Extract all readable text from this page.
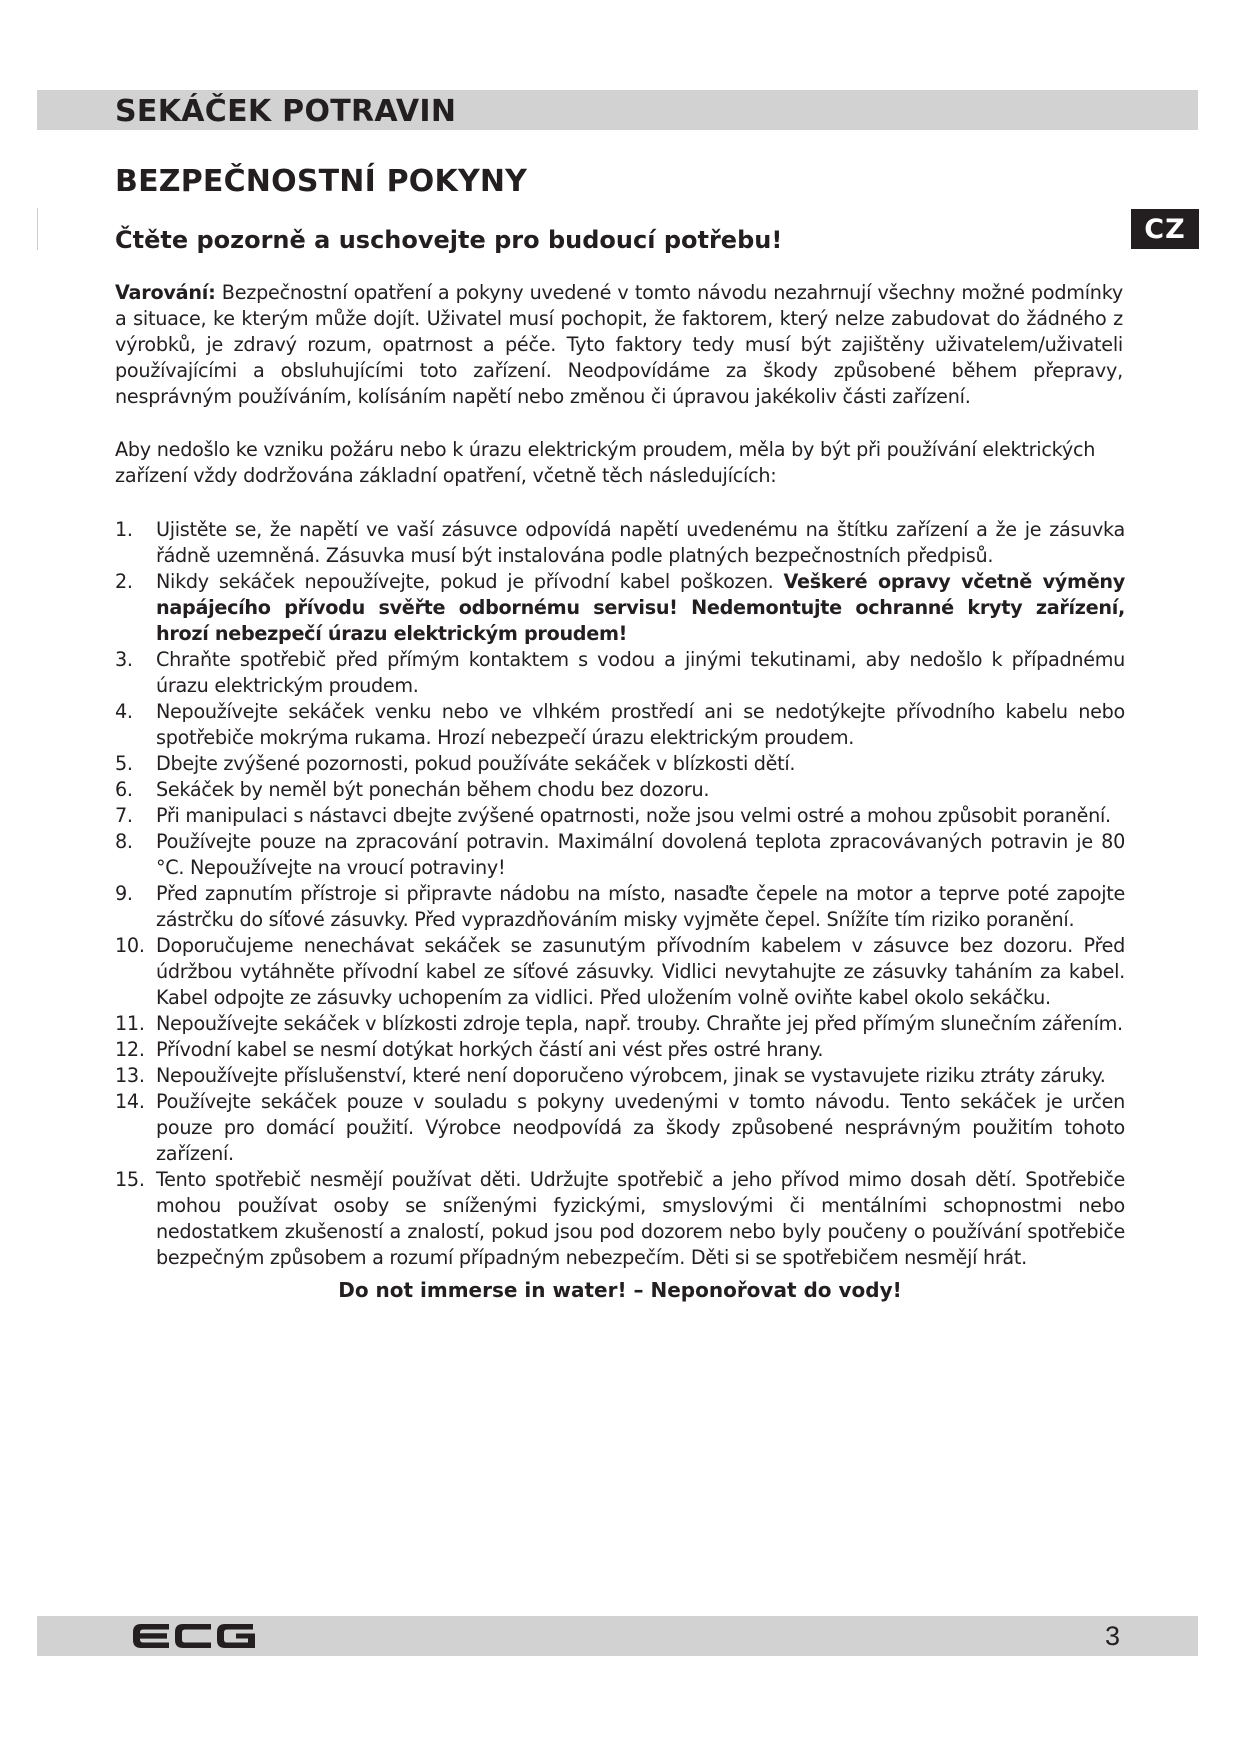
SEKÁČEK POTRAVIN
BEZPEČNOSTNÍ POKYNY
CZ
Čtěte pozorně a uschovejte pro budoucí potřebu!

Varování: Bezpečnostní opatření a pokyny uvedené v tomto návodu nezahrnují všechny možné podmínky a situace, ke kterým může dojít. Uživatel musí pochopit, že faktorem, který nelze zabudovat do žádného z výrobků, je zdravý rozum, opatrnost a péče. Tyto faktory tedy musí být zajištěny uživatelem/uživateli používajícími a obsluhujícími toto zařízení. Neodpovídáme za škody způsobené během přepravy, nesprávným používáním, kolísáním napětí nebo změnou či úpravou jakékoliv části zařízení.

Aby nedošlo ke vzniku požáru nebo k úrazu elektrickým proudem, měla by být při používání elektrických zařízení vždy dodržována základní opatření, včetně těch následujících:

1. Ujistěte se, že napětí ve vaší zásuvce odpovídá napětí uvedenému na štítku zařízení a že je zásuvka řádně uzemněná. Zásuvka musí být instalována podle platných bezpečnostních předpisů.
2. Nikdy sekáček nepoužívejte, pokud je přívodní kabel poškozen. Veškeré opravy včetně výměny napájecího přívodu svěřte odbornému servisu! Nedemontujte ochranné kryty zařízení, hrozí nebezpečí úrazu elektrickým proudem!
3. Chraňte spotřebič před přímým kontaktem s vodou a jinými tekutinami, aby nedošlo k případnému úrazu elektrickým proudem.
4. Nepoužívejte sekáček venku nebo ve vlhkém prostředí ani se nedotýkejte přívodního kabelu nebo spotřebiče mokrýma rukama. Hrozí nebezpečí úrazu elektrickým proudem.
5. Dbejte zvýšené pozornosti, pokud používáte sekáček v blízkosti dětí.
6. Sekáček by neměl být ponechán během chodu bez dozoru.
7. Při manipulaci s nástavci dbejte zvýšené opatrnosti, nože jsou velmi ostré a mohou způsobit poranění.
8. Používejte pouze na zpracování potravin. Maximální dovolená teplota zpracovávaných potravin je 80 °C. Nepoužívejte na vroucí potraviny!
9. Před zapnutím přístroje si připravte nádobu na místo, nasaďte čepele na motor a teprve poté zapojte zástrčku do síťové zásuvky. Před vyprazdňováním misky vyjměte čepel. Snížíte tím riziko poranění.
10. Doporučujeme nenechávat sekáček se zasunutým přívodním kabelem v zásuvce bez dozoru. Před údržbou vytáhněte přívodní kabel ze síťové zásuvky. Vidlici nevytahujte ze zásuvky taháním za kabel. Kabel odpojte ze zásuvky uchopením za vidlici. Před uložením volně oviňte kabel okolo sekáčku.
11. Nepoužívejte sekáček v blízkosti zdroje tepla, např. trouby. Chraňte jej před přímým slunečním zářením.
12. Přívodní kabel se nesmí dotýkat horkých částí ani vést přes ostré hrany.
13. Nepoužívejte příslušenství, které není doporučeno výrobcem, jinak se vystavujete riziku ztráty záruky.
14. Používejte sekáček pouze v souladu s pokyny uvedenými v tomto návodu. Tento sekáček je určen pouze pro domácí použití. Výrobce neodpovídá za škody způsobené nesprávným použitím tohoto zařízení.
15. Tento spotřebič nesmějí používat děti. Udržujte spotřebič a jeho přívod mimo dosah dětí. Spotřebiče mohou používat osoby se sníženými fyzickými, smyslovými či mentálními schopnostmi nebo nedostatkem zkušeností a znalostí, pokud jsou pod dozorem nebo byly poučeny o používání spotřebiče bezpečným způsobem a rozumí případným nebezpečím. Děti si se spotřebičem nesmějí hrát.

Do not immerse in water! – Neponořovat do vody!

3
